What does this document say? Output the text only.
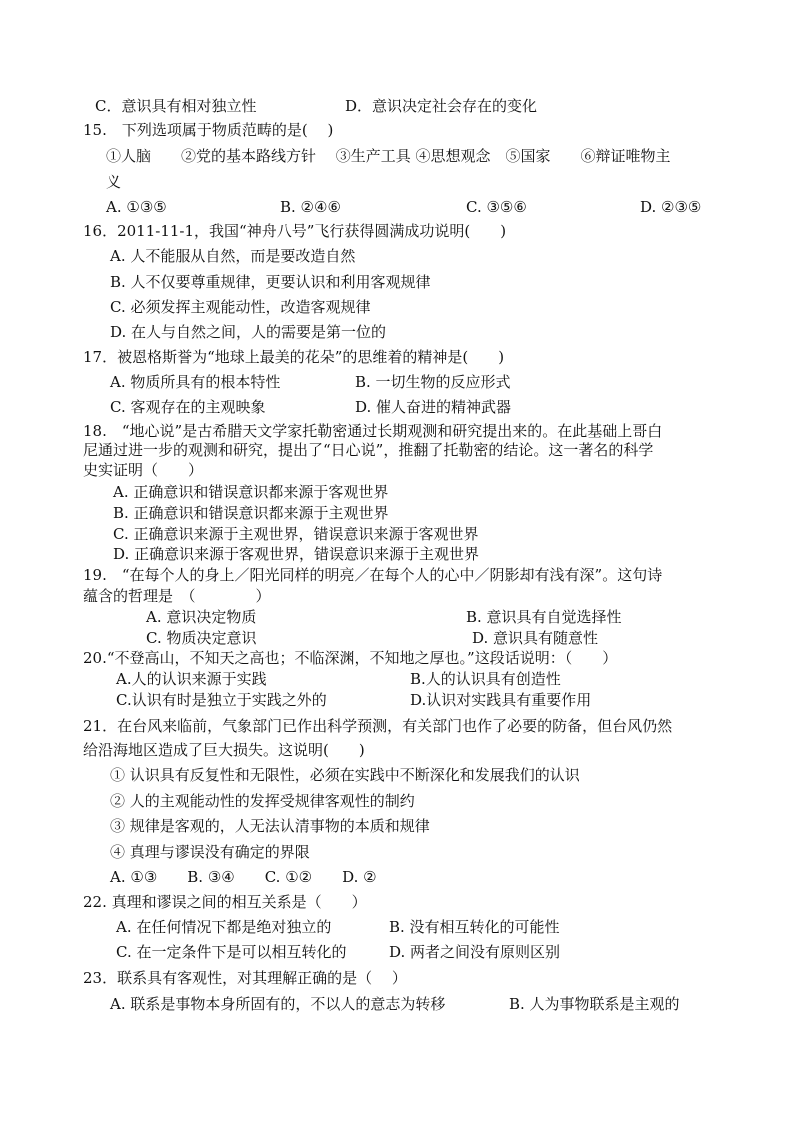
C．意识具有相对独立性	D．意识决定社会存在的变化
15.　下列选项属于物质范畴的是(　 )
①人脑　　②党的基本路线方针　 ③生产工具 ④思想观念　⑤国家　　⑥辩证唯物主
义
A. ①③⑤	B. ②④⑥	C. ③⑤⑥	D. ②③⑤
16．2011-11-1，我国“神舟八号”飞行获得圆满成功说明(　　)
A. 人不能服从自然，而是要改造自然
B. 人不仅要尊重规律，更要认识和利用客观规律
C. 必须发挥主观能动性，改造客观规律
D. 在人与自然之间，人的需要是第一位的
17．被恩格斯誉为“地球上最美的花朵”的思维着的精神是(　　)
A. 物质所具有的根本特性	B. 一切生物的反应形式
C. 客观存在的主观映象	D. 催人奋进的精神武器
18.　“地心说”是古希腊天文学家托勒密通过长期观测和研究提出来的。在此基础上哥白
尼通过进一步的观测和研究，提出了“日心说”，推翻了托勒密的结论。这一著名的科学
史实证明（　　）
A. 正确意识和错误意识都来源于客观世界
B. 正确意识和错误意识都来源于主观世界
C. 正确意识来源于主观世界，错误意识来源于客观世界
D. 正确意识来源于客观世界，错误意识来源于主观世界
19.　“在每个人的身上／阳光同样的明亮／在每个人的心中／阴影却有浅有深”。这句诗
蕴含的哲理是　（　　　　）
A. 意识决定物质	B. 意识具有自觉选择性
C. 物质决定意识	D. 意识具有随意性
20.“不登高山，不知天之高也；不临深渊，不知地之厚也。”这段话说明：（　　）
A.人的认识来源于实践	B.人的认识具有创造性
C.认识有时是独立于实践之外的	D.认识对实践具有重要作用
21．在台风来临前，气象部门已作出科学预测，有关部门也作了必要的防备，但台风仍然
给沿海地区造成了巨大损失。这说明(　　)
① 认识具有反复性和无限性，必须在实践中不断深化和发展我们的认识
② 人的主观能动性的发挥受规律客观性的制约
③ 规律是客观的，人无法认清事物的本质和规律
④ 真理与谬误没有确定的界限
A. ①③　　B. ③④　　C. ①②　　D. ②
22. 真理和谬误之间的相互关系是（　　）
A. 在任何情况下都是绝对独立的	B. 没有相互转化的可能性
C. 在一定条件下是可以相互转化的	D. 两者之间没有原则区别
23．联系具有客观性，对其理解正确的是（　 ）
A. 联系是事物本身所固有的，不以人的意志为转移	B. 人为事物联系是主观的
